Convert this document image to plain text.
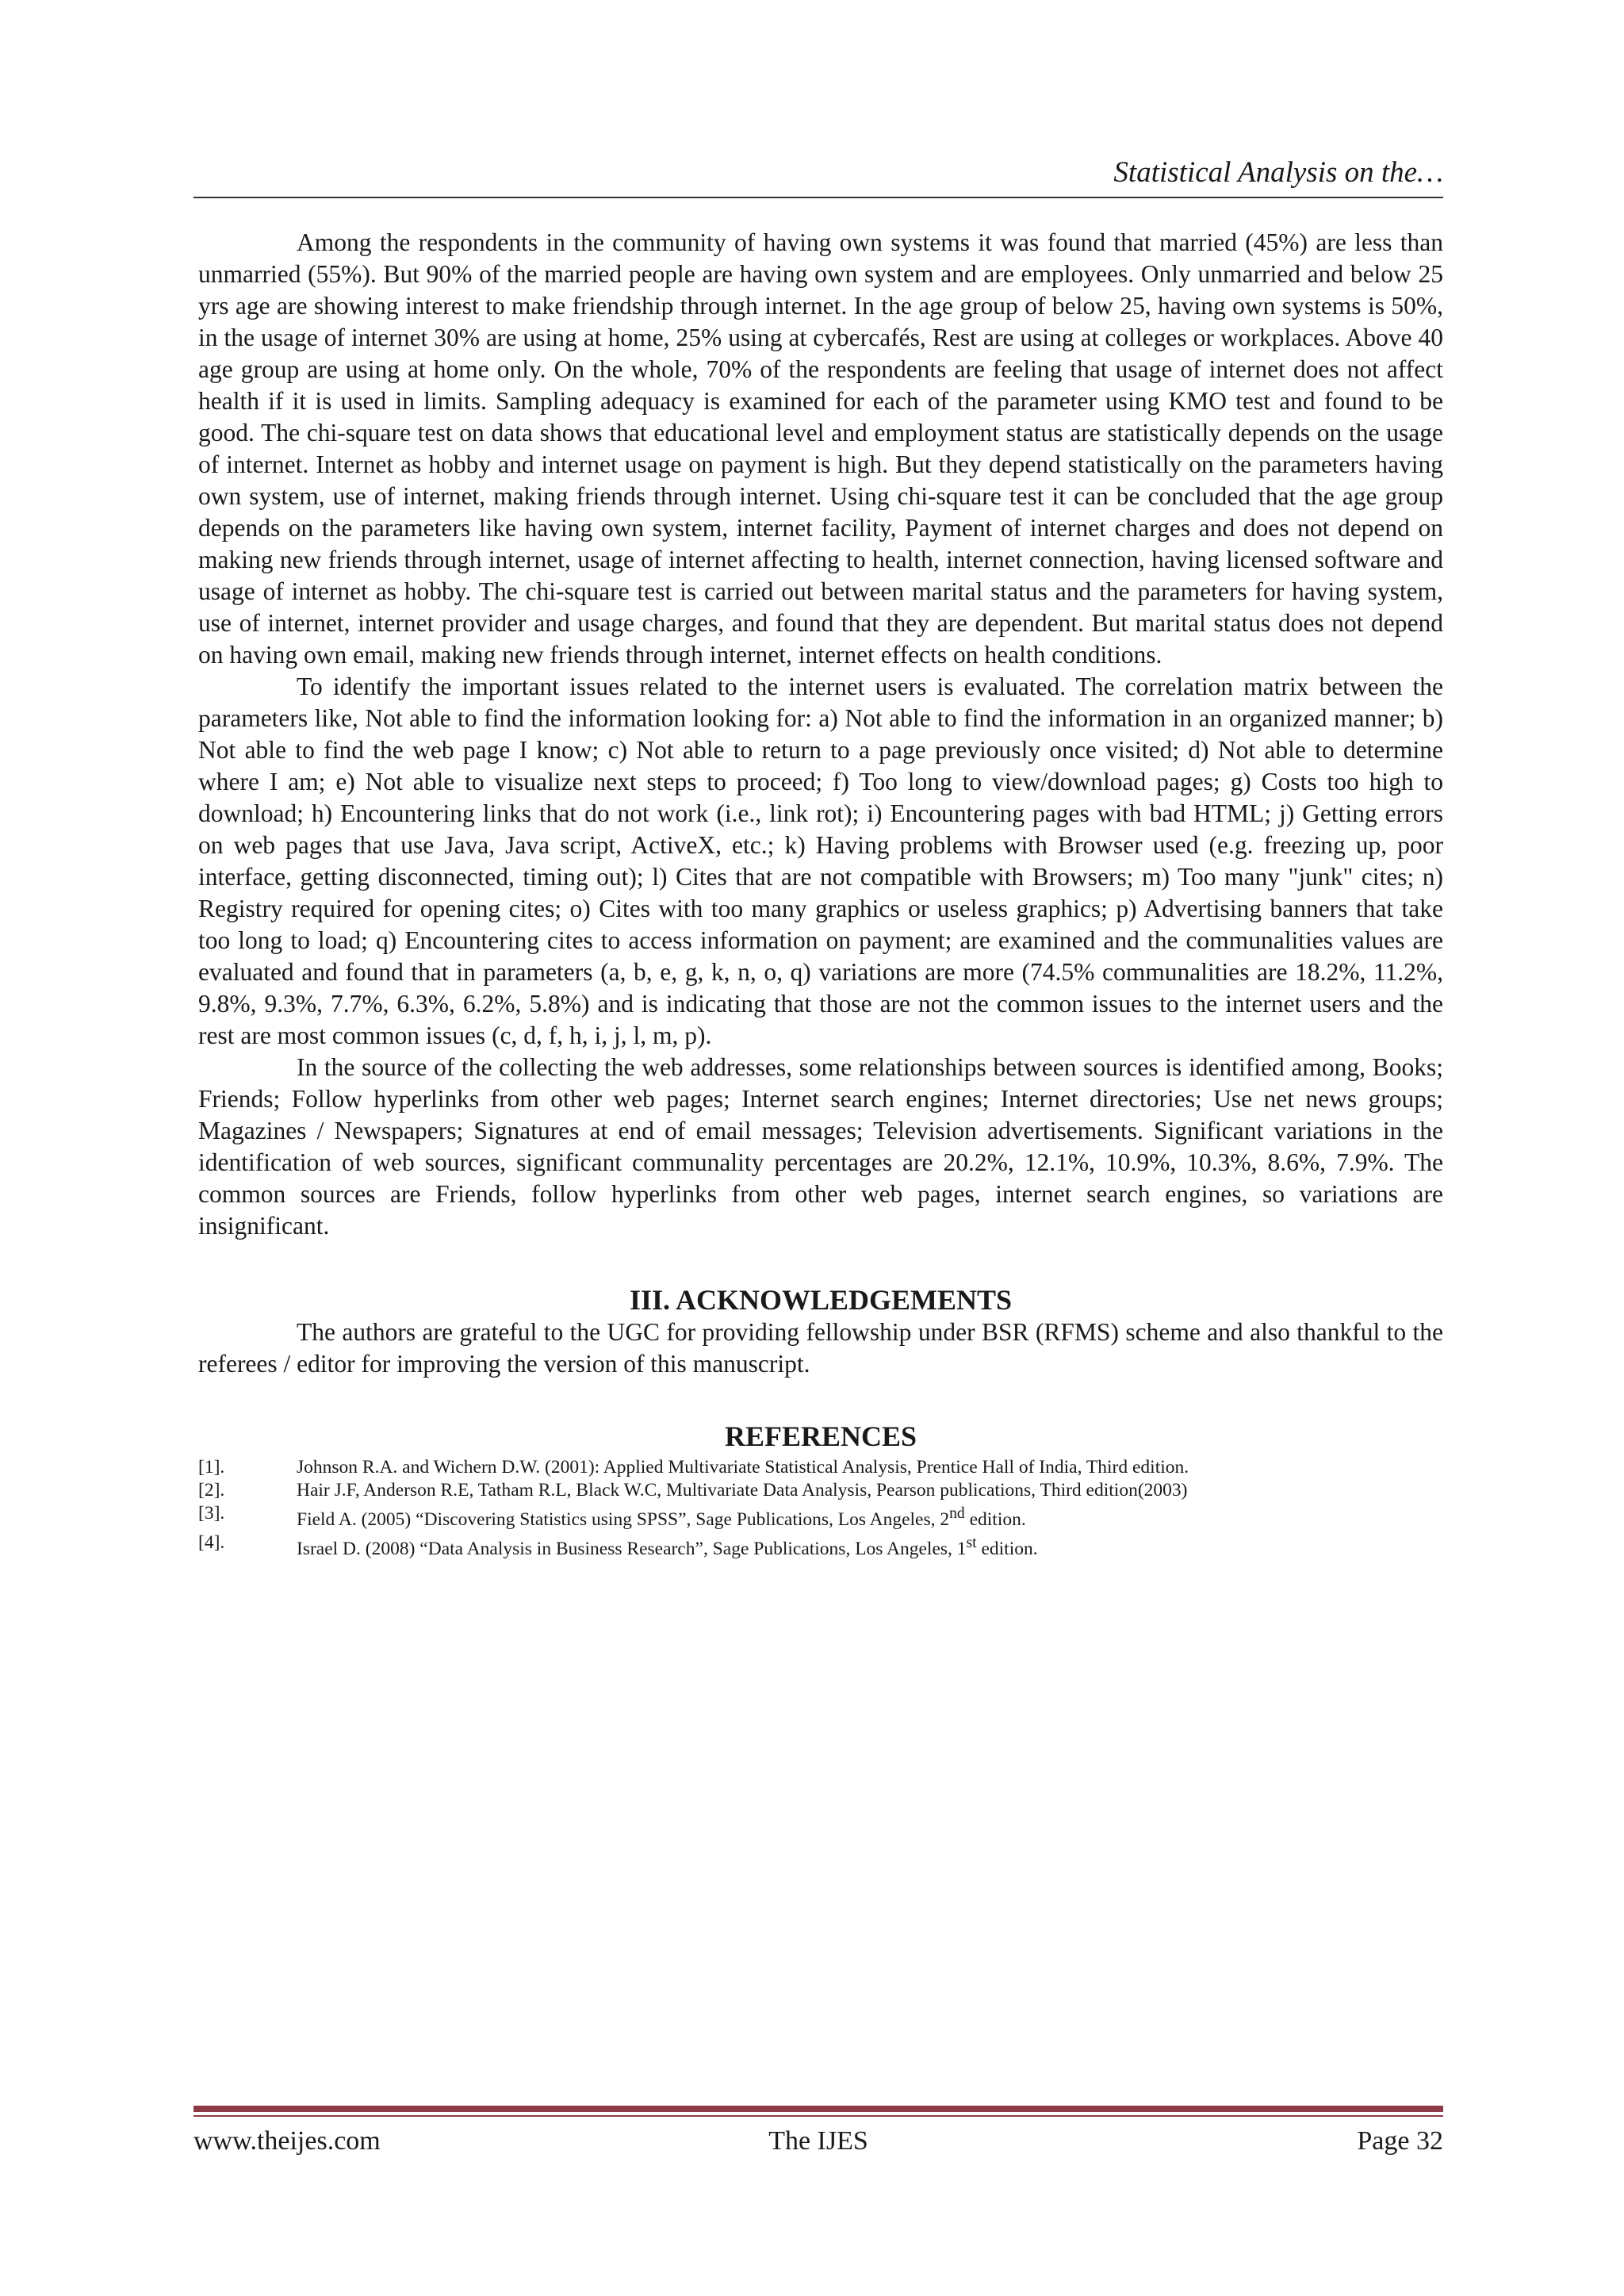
Statistical Analysis on the…

Among the respondents in the community of having own systems it was found that married (45%) are less than unmarried (55%). But 90% of the married people are having own system and are employees. Only unmarried and below 25 yrs age are showing interest to make friendship through internet. In the age group of below 25, having own systems is 50%, in the usage of internet 30% are using at home, 25% using at cybercafés, Rest are using at colleges or workplaces. Above 40 age group are using at home only. On the whole, 70% of the respondents are feeling that usage of internet does not affect health if it is used in limits. Sampling adequacy is examined for each of the parameter using KMO test and found to be good. The chi-square test on data shows that educational level and employment status are statistically depends on the usage of internet. Internet as hobby and internet usage on payment is high. But they depend statistically on the parameters having own system, use of internet, making friends through internet. Using chi-square test it can be concluded that the age group depends on the parameters like having own system, internet facility, Payment of internet charges and does not depend on making new friends through internet, usage of internet affecting to health, internet connection, having licensed software and usage of internet as hobby. The chi-square test is carried out between marital status and the parameters for having system, use of internet, internet provider and usage charges, and found that they are dependent. But marital status does not depend on having own email, making new friends through internet, internet effects on health conditions.

To identify the important issues related to the internet users is evaluated. The correlation matrix between the parameters like, Not able to find the information looking for: a) Not able to find the information in an organized manner; b) Not able to find the web page I know; c) Not able to return to a page previously once visited; d) Not able to determine where I am; e) Not able to visualize next steps to proceed; f) Too long to view/download pages; g) Costs too high to download; h) Encountering links that do not work (i.e., link rot); i) Encountering pages with bad HTML; j) Getting errors on web pages that use Java, Java script, ActiveX, etc.; k) Having problems with Browser used (e.g. freezing up, poor interface, getting disconnected, timing out); l) Cites that are not compatible with Browsers; m) Too many "junk" cites; n) Registry required for opening cites; o) Cites with too many graphics or useless graphics; p) Advertising banners that take too long to load; q) Encountering cites to access information on payment; are examined and the communalities values are evaluated and found that in parameters (a, b, e, g, k, n, o, q) variations are more (74.5% communalities are 18.2%, 11.2%, 9.8%, 9.3%, 7.7%, 6.3%, 6.2%, 5.8%) and is indicating that those are not the common issues to the internet users and the rest are most common issues (c, d, f, h, i, j, l, m, p).

In the source of the collecting the web addresses, some relationships between sources is identified among, Books; Friends; Follow hyperlinks from other web pages; Internet search engines; Internet directories; Use net news groups; Magazines / Newspapers; Signatures at end of email messages; Television advertisements. Significant variations in the identification of web sources, significant communality percentages are 20.2%, 12.1%, 10.9%, 10.3%, 8.6%, 7.9%. The common sources are Friends, follow hyperlinks from other web pages, internet search engines, so variations are insignificant.

III. ACKNOWLEDGEMENTS

The authors are grateful to the UGC for providing fellowship under BSR (RFMS) scheme and also thankful to the referees / editor for improving the version of this manuscript.

REFERENCES
[1].	Johnson R.A. and Wichern D.W. (2001): Applied Multivariate Statistical Analysis, Prentice Hall of India, Third edition.
[2].	Hair J.F, Anderson R.E, Tatham R.L, Black W.C, Multivariate Data Analysis, Pearson publications, Third edition(2003)
[3].	Field A. (2005) “Discovering Statistics using SPSS”, Sage Publications, Los Angeles, 2nd edition.
[4].	Israel D. (2008) “Data Analysis in Business Research”, Sage Publications, Los Angeles, 1st edition.
www.theijes.com	The IJES	Page 32
